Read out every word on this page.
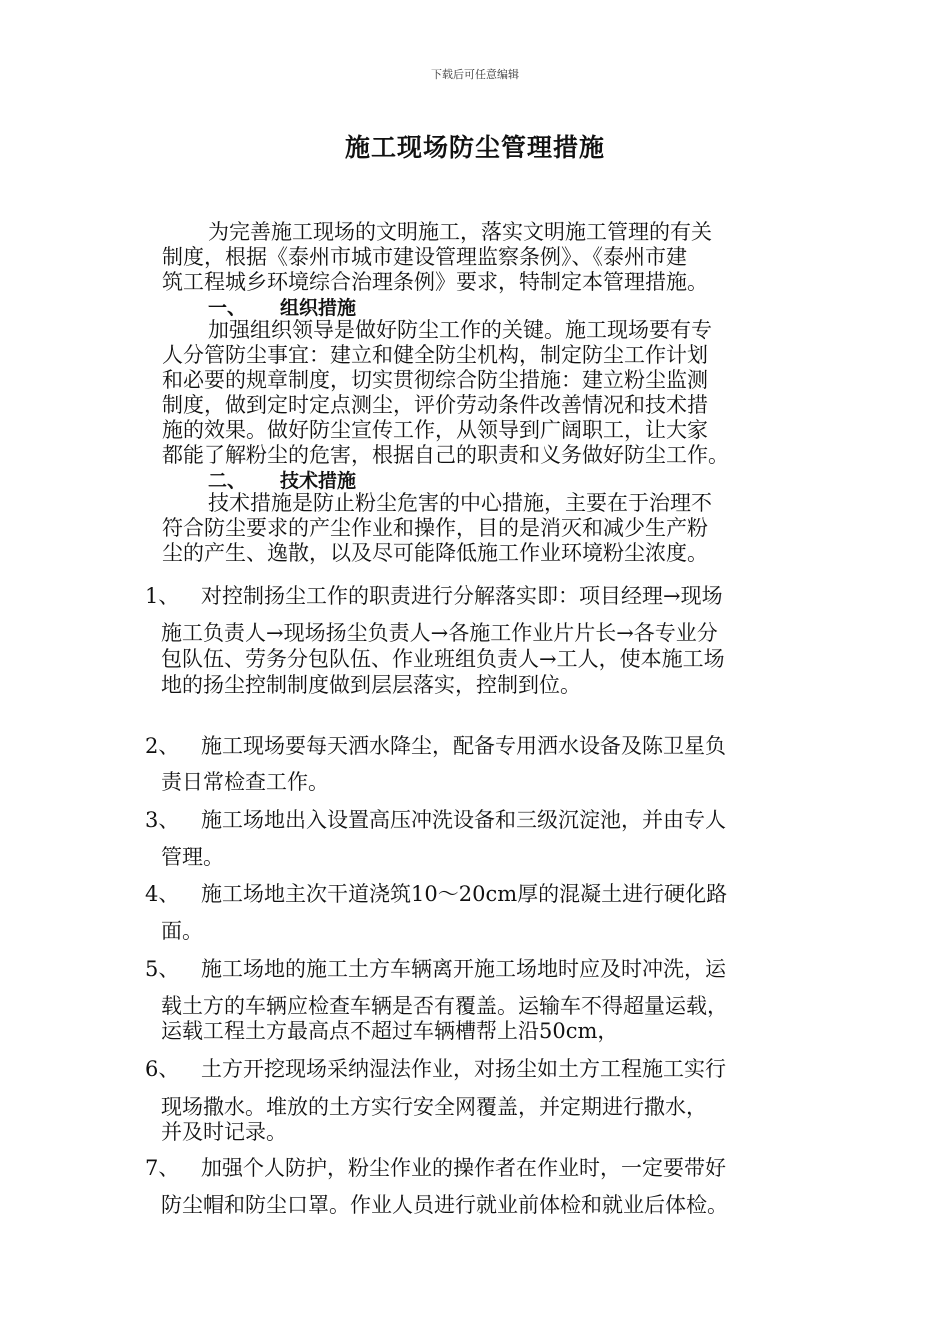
下载后可任意编辑
施工现场防尘管理措施

为完善施工现场的文明施工，落实文明施工管理的有关
制度，根据《泰州市城市建设管理监察条例》、《泰州市建
筑工程城乡环境综合治理条例》要求，特制定本管理措施。

一、 组织措施

加强组织领导是做好防尘工作的关键。施工现场要有专
人分管防尘事宜：建立和健全防尘机构，制定防尘工作计划
和必要的规章制度，切实贯彻综合防尘措施：建立粉尘监测
制度，做到定时定点测尘，评价劳动条件改善情况和技术措
施的效果。做好防尘宣传工作，从领导到广阔职工，让大家
都能了解粉尘的危害，根据自己的职责和义务做好防尘工作。

二、 技术措施

技术措施是防止粉尘危害的中心措施，主要在于治理不
符合防尘要求的产尘作业和操作，目的是消灭和减少生产粉
尘的产生、逸散，以及尽可能降低施工作业环境粉尘浓度。

1、 对控制扬尘工作的职责进行分解落实即：项目经理→现场
施工负责人→现场扬尘负责人→各施工作业片片长→各专业分
包队伍、劳务分包队伍、作业班组负责人→工人，使本施工场
地的扬尘控制制度做到层层落实，控制到位。
2、 施工现场要每天洒水降尘，配备专用洒水设备及陈卫星负
责日常检查工作。
3、 施工场地出入设置高压冲洗设备和三级沉淀池，并由专人
管理。
4、 施工场地主次干道浇筑10～20cm厚的混凝土进行硬化路
面。
5、 施工场地的施工土方车辆离开施工场地时应及时冲洗，运
载土方的车辆应检查车辆是否有覆盖。运输车不得超量运载，
运载工程土方最高点不超过车辆槽帮上沿50cm，
6、 土方开挖现场采纳湿法作业，对扬尘如土方工程施工实行
现场撒水。堆放的土方实行安全网覆盖，并定期进行撒水，
并及时记录。
7、 加强个人防护，粉尘作业的操作者在作业时，一定要带好
防尘帽和防尘口罩。作业人员进行就业前体检和就业后体检。
